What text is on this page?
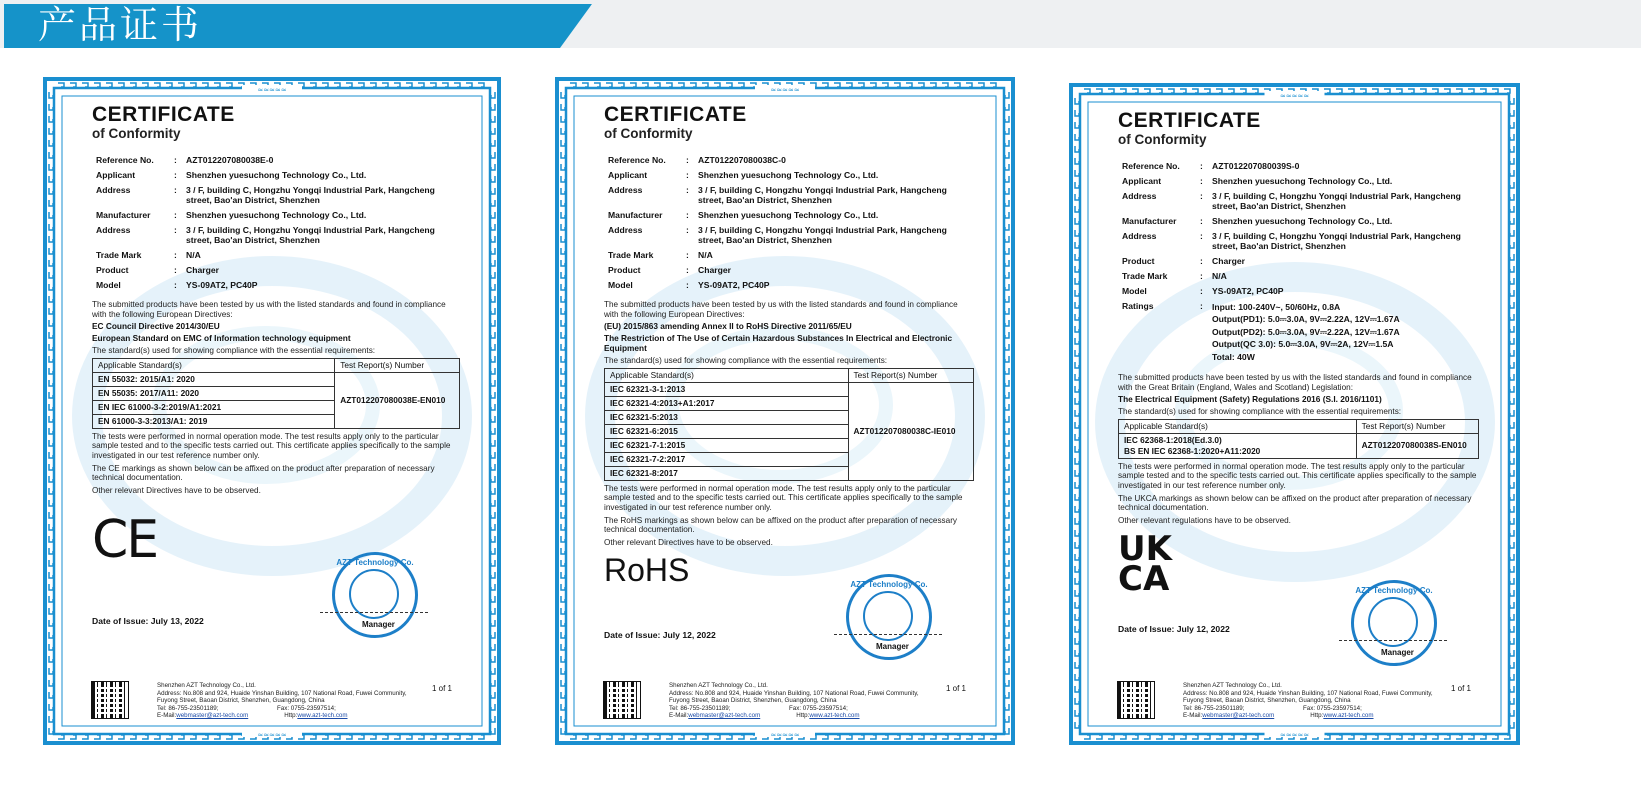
产品证书
≈≈≈≈≈
≈≈≈≈≈
CERTIFICATE
of Conformity
Reference No.	:	AZT012207080038E-0
Applicant	:	Shenzhen yuesuchong Technology Co., Ltd.
Address	:	3 / F, building C, Hongzhu Yongqi Industrial Park, Hangcheng street, Bao'an District, Shenzhen
Manufacturer	:	Shenzhen yuesuchong Technology Co., Ltd.
Address	:	3 / F, building C, Hongzhu Yongqi Industrial Park, Hangcheng street, Bao'an District, Shenzhen
Trade Mark	:	N/A
Product	:	Charger
Model	:	YS-09AT2, PC40P
The submitted products have been tested by us with the listed standards and found in compliance with the following European Directives:
EC Council Directive 2014/30/EU
European Standard on EMC of Information technology equipment
The standard(s) used for showing compliance with the essential requirements:
Applicable Standard(s)	Test Report(s) Number
EN 55032: 2015/A1: 2020	AZT012207080038E-EN010
EN 55035: 2017/A11: 2020	
EN IEC 61000-3-2:2019/A1:2021	
EN 61000-3-3:2013/A1: 2019	
The tests were performed in normal operation mode. The test results apply only to the particular sample tested and to the specific tests carried out. This certificate applies specifically to the sample investigated in our test reference number only.
The CE markings as shown below can be affixed on the product after preparation of necessary technical documentation.
Other relevant Directives have to be observed.
CE
Date of Issue: July 13, 2022
AZT Technology Co.
Manager
Shenzhen AZT Technology Co., Ltd.
Address: No.808 and 924, Huaide Yinshan Building, 107 National Road, Fuwei Community,
Fuyong Street, Baoan District, Shenzhen, Guangdong, China
Tel: 86-755-23501189;	Fax: 0755-23597514;
E-Mail:webmaster@azt-tech.com	Http:www.azt-tech.com
1 of 1
≈≈≈≈≈
≈≈≈≈≈
CERTIFICATE
of Conformity
Reference No.	:	AZT012207080038C-0
Applicant	:	Shenzhen yuesuchong Technology Co., Ltd.
Address	:	3 / F, building C, Hongzhu Yongqi Industrial Park, Hangcheng street, Bao'an District, Shenzhen
Manufacturer	:	Shenzhen yuesuchong Technology Co., Ltd.
Address	:	3 / F, building C, Hongzhu Yongqi Industrial Park, Hangcheng street, Bao'an District, Shenzhen
Trade Mark	:	N/A
Product	:	Charger
Model	:	YS-09AT2, PC40P
The submitted products have been tested by us with the listed standards and found in compliance with the following European Directives:
(EU) 2015/863 amending Annex II to RoHS Directive 2011/65/EU
The Restriction of The Use of Certain Hazardous Substances In Electrical and Electronic Equipment
The standard(s) used for showing compliance with the essential requirements:
Applicable Standard(s)	Test Report(s) Number
IEC 62321-3-1:2013	AZT012207080038C-IE010
IEC 62321-4:2013+A1:2017	
IEC 62321-5:2013	
IEC 62321-6:2015	
IEC 62321-7-1:2015	
IEC 62321-7-2:2017	
IEC 62321-8:2017	
The tests were performed in normal operation mode. The test results apply only to the particular sample tested and to the specific tests carried out. This certificate applies specifically to the sample investigated in our test reference number only.
The RoHS markings as shown below can be affixed on the product after preparation of necessary technical documentation.
Other relevant Directives have to be observed.
RoHS
Date of Issue: July 12, 2022
AZT Technology Co.
Manager
Shenzhen AZT Technology Co., Ltd.
Address: No.808 and 924, Huaide Yinshan Building, 107 National Road, Fuwei Community,
Fuyong Street, Baoan District, Shenzhen, Guangdong, China
Tel: 86-755-23501189;	Fax: 0755-23597514;
E-Mail:webmaster@azt-tech.com	Http:www.azt-tech.com
1 of 1
≈≈≈≈≈
≈≈≈≈≈
CERTIFICATE
of Conformity
Reference No.	:	AZT012207080039S-0
Applicant	:	Shenzhen yuesuchong Technology Co., Ltd.
Address	:	3 / F, building C, Hongzhu Yongqi Industrial Park, Hangcheng street, Bao'an District, Shenzhen
Manufacturer	:	Shenzhen yuesuchong Technology Co., Ltd.
Address	:	3 / F, building C, Hongzhu Yongqi Industrial Park, Hangcheng street, Bao'an District, Shenzhen
Product	:	Charger
Trade Mark	:	N/A
Model	:	YS-09AT2, PC40P
Ratings	:	Input: 100-240V~, 50/60Hz, 0.8A
Output(PD1): 5.0⎓3.0A, 9V⎓2.22A, 12V⎓1.67A
Output(PD2): 5.0⎓3.0A, 9V⎓2.22A, 12V⎓1.67A
Output(QC 3.0): 5.0⎓3.0A, 9V⎓2A, 12V⎓1.5A
Total: 40W
The submitted products have been tested by us with the listed standards and found in compliance with the Great Britain (England, Wales and Scotland) Legislation:
The Electrical Equipment (Safety) Regulations 2016 (S.I. 2016/1101)
The standard(s) used for showing compliance with the essential requirements:
Applicable Standard(s)	Test Report(s) Number
IEC 62368-1:2018(Ed.3.0)
BS EN IEC 62368-1:2020+A11:2020	AZT012207080038S-EN010
The tests were performed in normal operation mode. The test results apply only to the particular sample tested and to the specific tests carried out. This certificate applies specifically to the sample investigated in our test reference number only.
The UKCA markings as shown below can be affixed on the product after preparation of necessary technical documentation.
Other relevant regulations have to be observed.
UK
CA
Date of Issue: July 12, 2022
AZT Technology Co.
Manager
Shenzhen AZT Technology Co., Ltd.
Address: No.808 and 924, Huaide Yinshan Building, 107 National Road, Fuwei Community,
Fuyong Street, Baoan District, Shenzhen, Guangdong, China
Tel: 86-755-23501189;	Fax: 0755-23597514;
E-Mail:webmaster@azt-tech.com	Http:www.azt-tech.com
1 of 1
